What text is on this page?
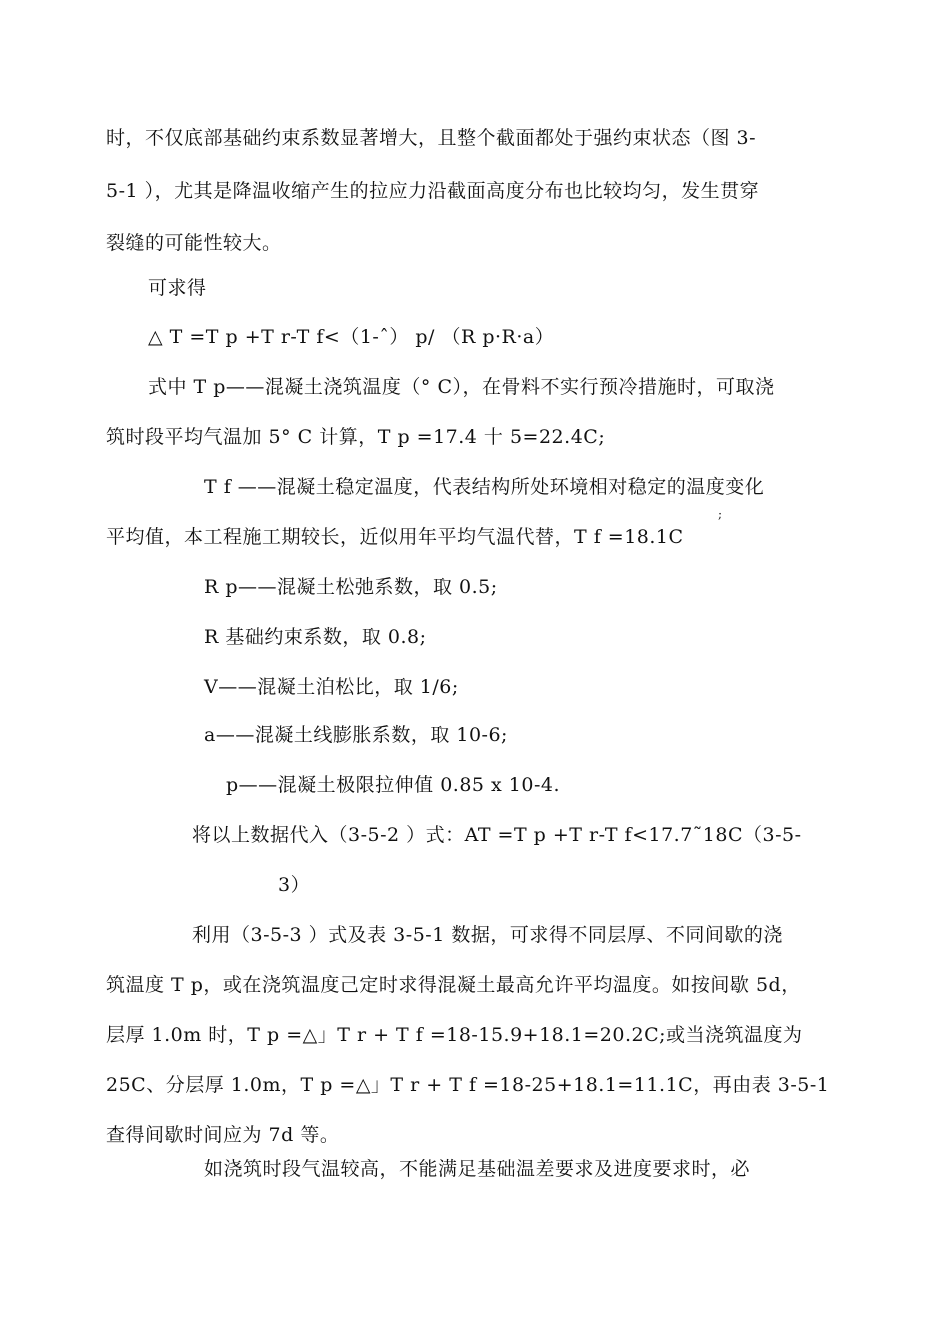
时，不仅底部基础约束系数显著增大，且整个截面都处于强约束状态（图 3-
5-1 ），尤其是降温收缩产生的拉应力沿截面高度分布也比较均匀，发生贯穿
裂缝的可能性较大。
可求得
△ T =T p +T r-T f<（1-ˆ） p/ （R p·R·a）
式中 T p——混凝土浇筑温度（° C），在骨料不实行预冷措施时，可取浇
筑时段平均气温加 5° C 计算，T p =17.4 十 5=22.4C;
T f ——混凝土稳定温度，代表结构所处环境相对稳定的温度变化
平均值，本工程施工期较长，近似用年平均气温代替，T f =18.1C
;
R p——混凝土松弛系数，取 0.5;
R 基础约束系数，取 0.8;
V——混凝土泊松比，取 1/6;
a——混凝土线膨胀系数，取 10-6;
p——混凝土极限拉伸值 0.85 x 10-4.
将以上数据代入（3-5-2 ）式：AT =T p +T r-T f<17.7˜18C（3-5-
3）
利用（3-5-3 ）式及表 3-5-1 数据，可求得不同层厚、不同间歇的浇
筑温度 T p，或在浇筑温度己定时求得混凝土最高允许平均温度。如按间歇 5d，
层厚 1.0m 时，T p =△」T r + T f =18-15.9+18.1=20.2C;或当浇筑温度为
25C、分层厚 1.0m，T p =△」T r + T f =18-25+18.1=11.1C，再由表 3-5-1
查得间歇时间应为 7d 等。
如浇筑时段气温较高，不能满足基础温差要求及进度要求时，必
